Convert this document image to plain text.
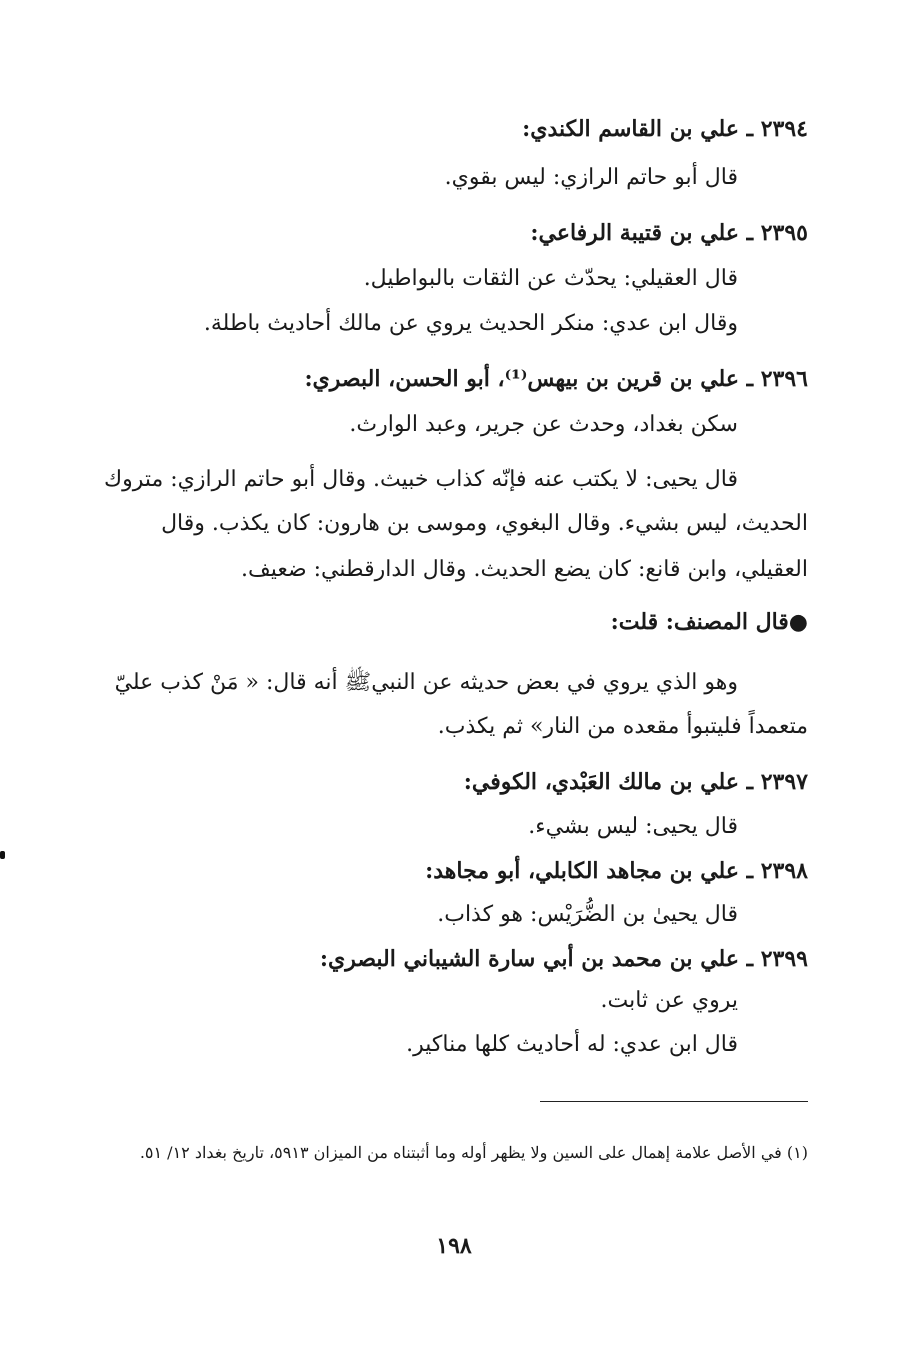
٢٣٩٤ ـ علي بن القاسم الكندي:
قال أبو حاتم الرازي: ليس بقوي.
٢٣٩٥ ـ علي بن قتيبة الرفاعي:
قال العقيلي: يحدّث عن الثقات بالبواطيل.
وقال ابن عدي: منكر الحديث يروي عن مالك أحاديث باطلة.
٢٣٩٦ ـ علي بن قرين بن بيهس⁽¹⁾، أبو الحسن، البصري:
سكن بغداد، وحدث عن جرير، وعبد الوارث.
قال يحيى: لا يكتب عنه فإنّه كذاب خبيث. وقال أبو حاتم الرازي: متروك
الحديث، ليس بشيء. وقال البغوي، وموسى بن هارون: كان يكذب. وقال
العقيلي، وابن قانع: كان يضع الحديث. وقال الدارقطني: ضعيف.
●قال المصنف: قلت:
وهو الذي يروي في بعض حديثه عن النبيﷺ أنه قال: « مَنْ كذب عليّ
متعمداً فليتبوأ مقعده من النار» ثم يكذب.
٢٣٩٧ ـ علي بن مالك العَبْدي، الكوفي:
قال يحيى: ليس بشيء.
٢٣٩٨ ـ علي بن مجاهد الكابلي، أبو مجاهد:
قال يحيىٰ بن الضُّرَيْس: هو كذاب.
٢٣٩٩ ـ علي بن محمد بن أبي سارة الشيباني البصري:
يروي عن ثابت.
قال ابن عدي: له أحاديث كلها مناكير.
(١) في الأصل علامة إهمال على السين ولا يظهر أوله وما أثبتناه من الميزان ٥٩١٣، تاريخ بغداد ١٢/ ٥١.
١٩٨
